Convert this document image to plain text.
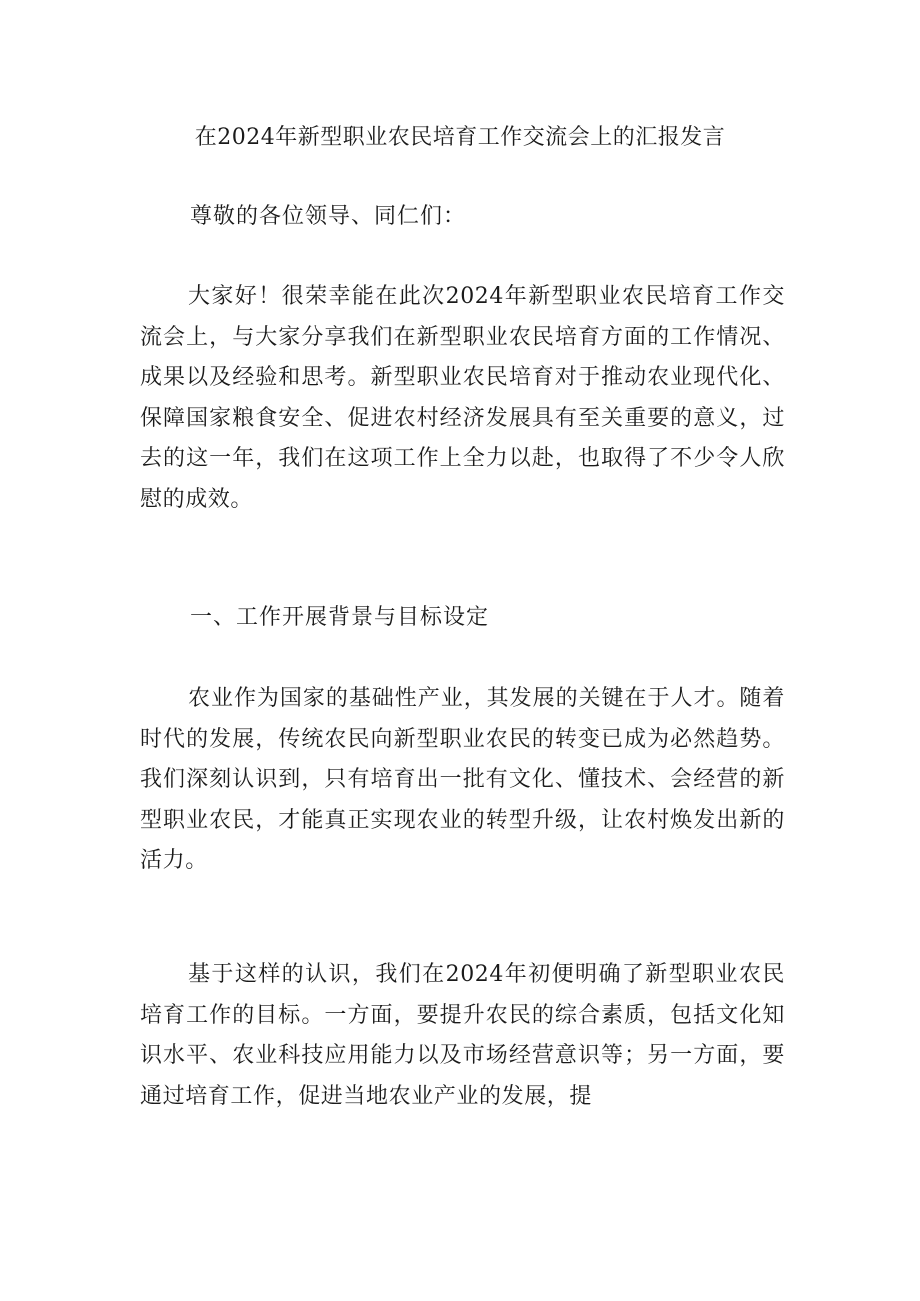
在2024年新型职业农民培育工作交流会上的汇报发言

尊敬的各位领导、同仁们：

大家好！很荣幸能在此次2024年新型职业农民培育工作交流会上，与大家分享我们在新型职业农民培育方面的工作情况、成果以及经验和思考。新型职业农民培育对于推动农业现代化、保障国家粮食安全、促进农村经济发展具有至关重要的意义，过去的这一年，我们在这项工作上全力以赴，也取得了不少令人欣慰的成效。

一、工作开展背景与目标设定

农业作为国家的基础性产业，其发展的关键在于人才。随着时代的发展，传统农民向新型职业农民的转变已成为必然趋势。我们深刻认识到，只有培育出一批有文化、懂技术、会经营的新型职业农民，才能真正实现农业的转型升级，让农村焕发出新的活力。

基于这样的认识，我们在2024年初便明确了新型职业农民培育工作的目标。一方面，要提升农民的综合素质，包括文化知识水平、农业科技应用能力以及市场经营意识等；另一方面，要通过培育工作，促进当地农业产业的发展，提
